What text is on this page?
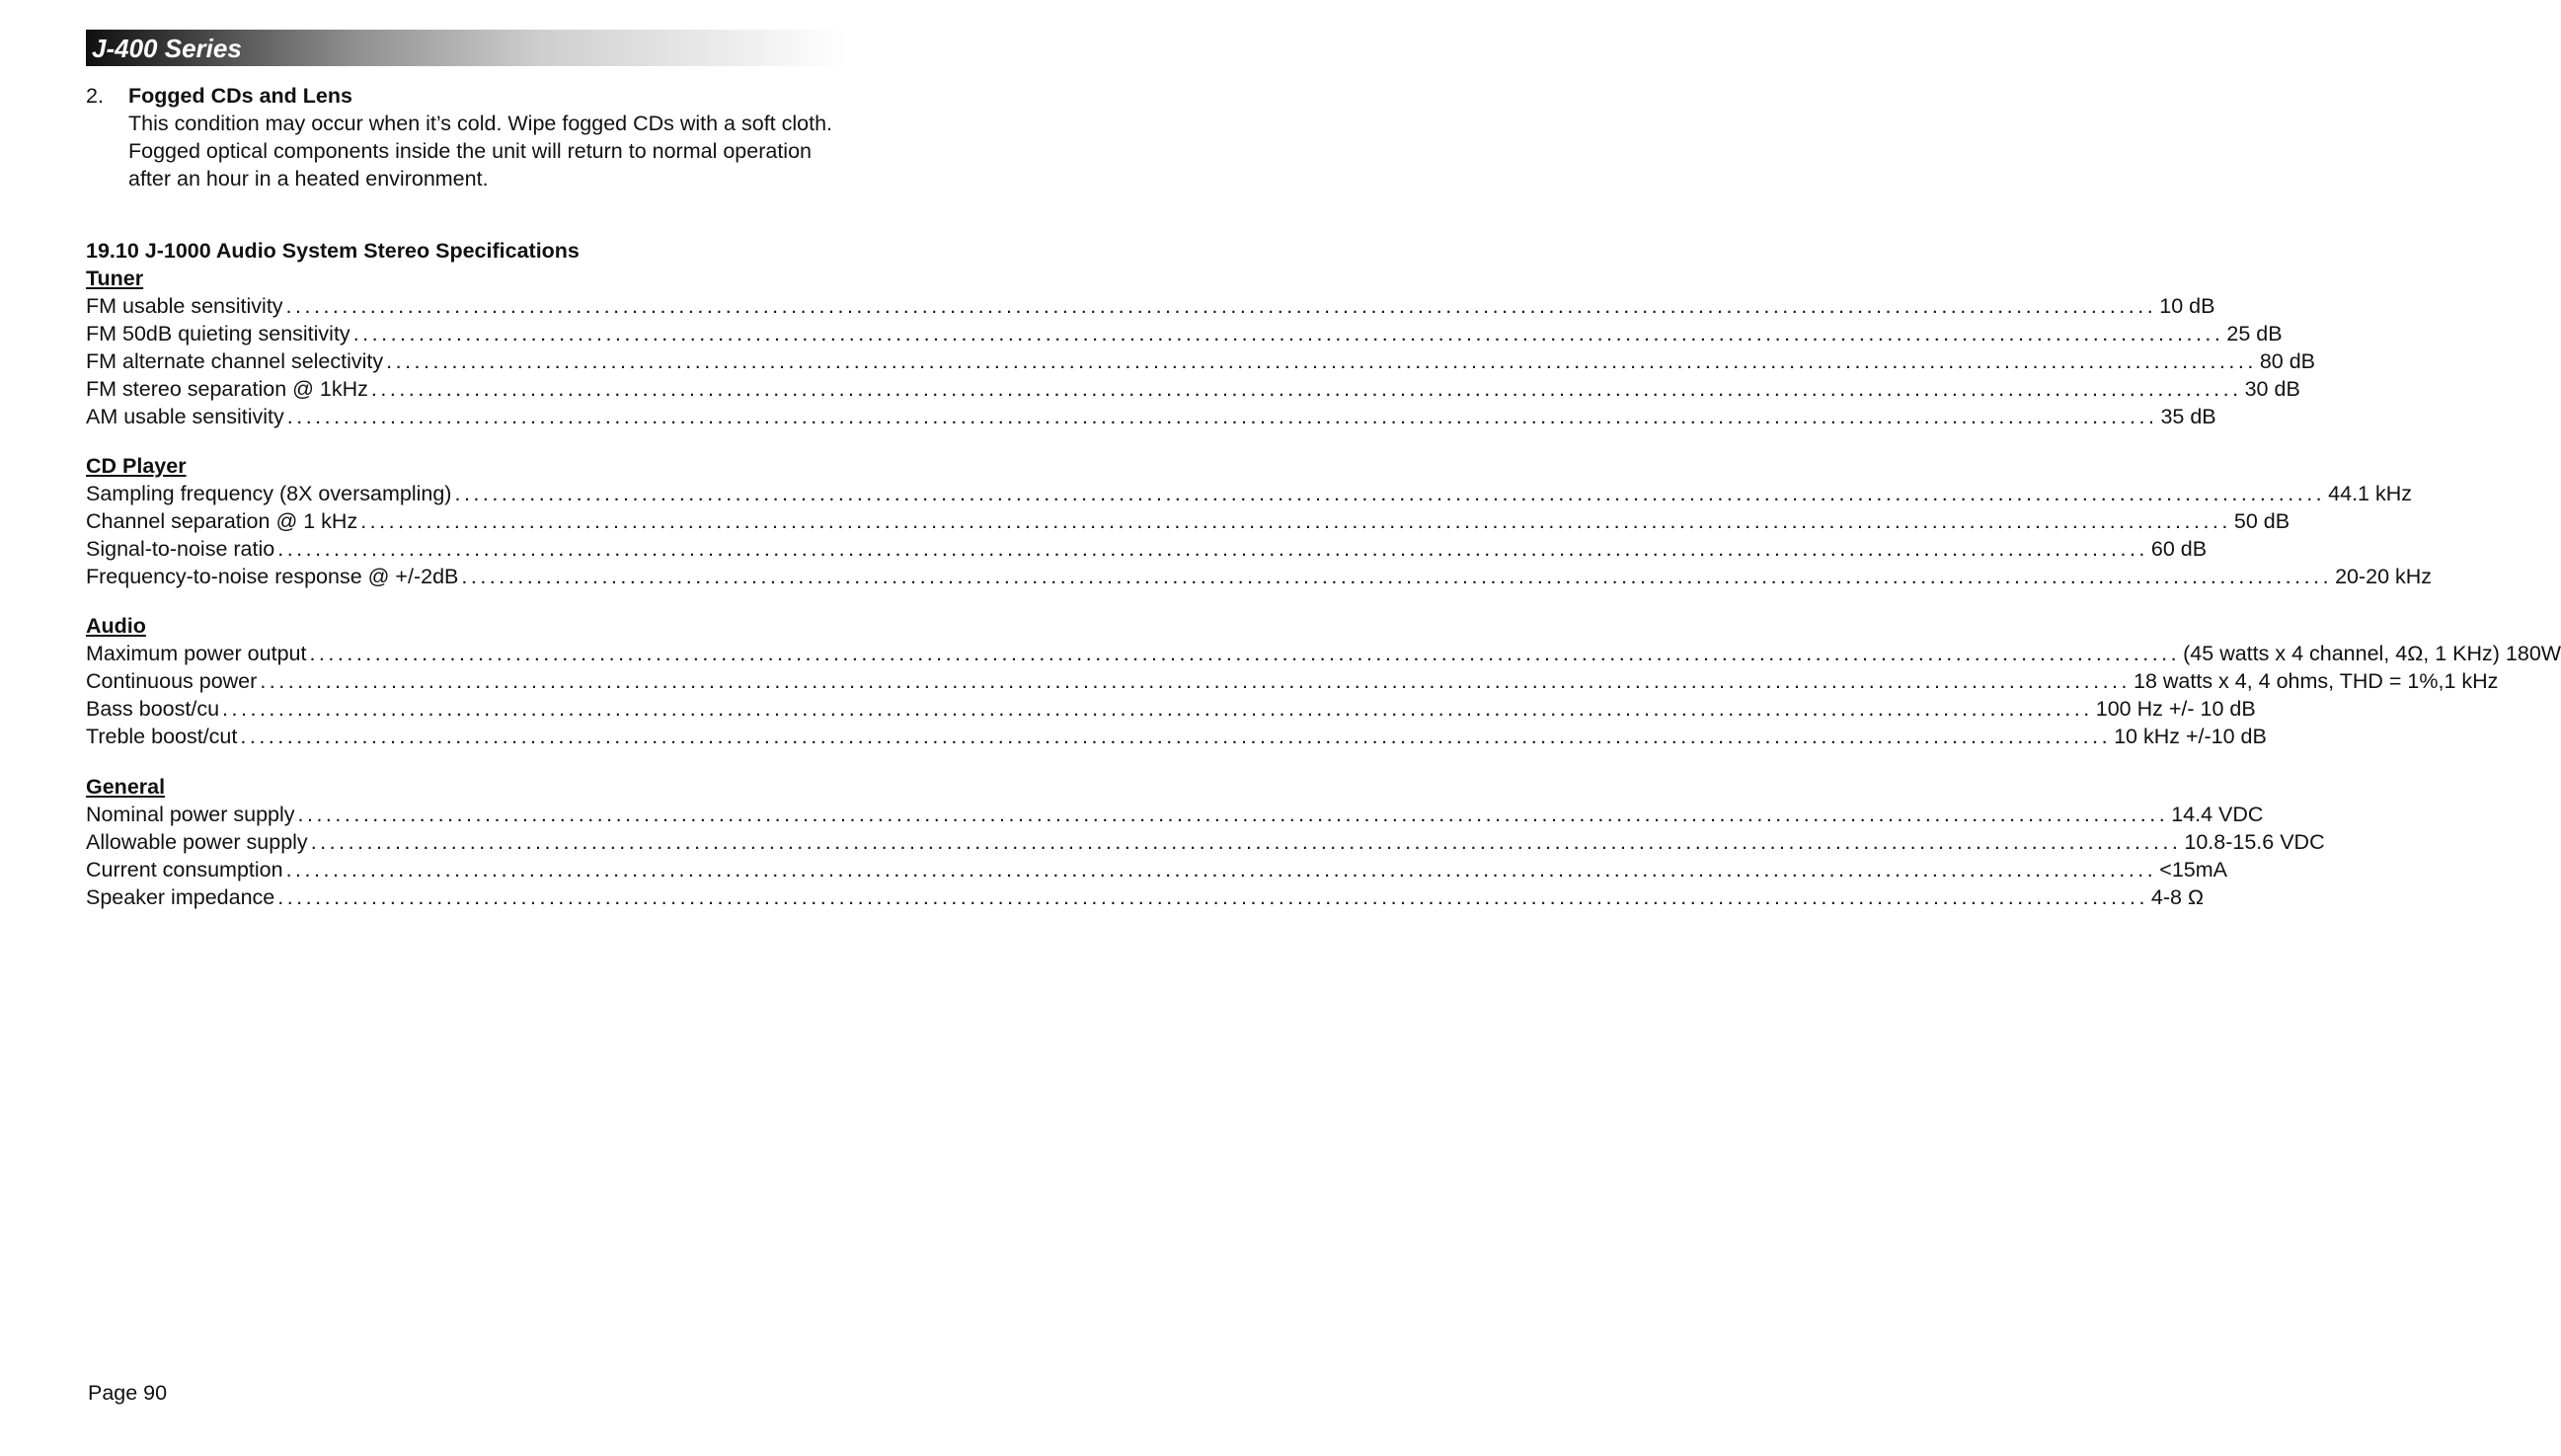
J-400 Series
2. Fogged CDs and Lens
This condition may occur when it’s cold. Wipe fogged CDs with a soft cloth. Fogged optical components inside the unit will return to normal operation after an hour in a heated environment.
19.10 J-1000 Audio System Stereo Specifications
Tuner
FM usable sensitivity ........................................................................................................................................................................................................ 10 dB
FM 50dB quieting sensitivity ........................................................................................................................................................................................................ 25 dB
FM alternate channel selectivity ........................................................................................................................................................................................................ 80 dB
FM stereo separation @ 1kHz ........................................................................................................................................................................................................ 30 dB
AM usable sensitivity ........................................................................................................................................................................................................ 35 dB
CD Player
Sampling frequency (8X oversampling) ........................................................................................................................................................................................................ 44.1 kHz
Channel separation @ 1 kHz ........................................................................................................................................................................................................ 50 dB
Signal-to-noise ratio ........................................................................................................................................................................................................ 60 dB
Frequency-to-noise response @ +/-2dB ........................................................................................................................................................................................................ 20-20 kHz
Audio
Maximum power output ........................................................................................................................................................................................................ (45 watts x 4 channel, 4Ω, 1 KHz) 180W
Continuous power ........................................................................................................................................................................................................ 18 watts x 4, 4 ohms, THD = 1%,1 kHz
Bass boost/cu ........................................................................................................................................................................................................ 100 Hz +/- 10 dB
Treble boost/cut ........................................................................................................................................................................................................ 10 kHz +/-10 dB
General
Nominal power supply ........................................................................................................................................................................................................ 14.4 VDC
Allowable power supply ........................................................................................................................................................................................................ 10.8-15.6 VDC
Current consumption ........................................................................................................................................................................................................ <15mA
Speaker impedance ........................................................................................................................................................................................................ 4-8 Ω
Page 90
